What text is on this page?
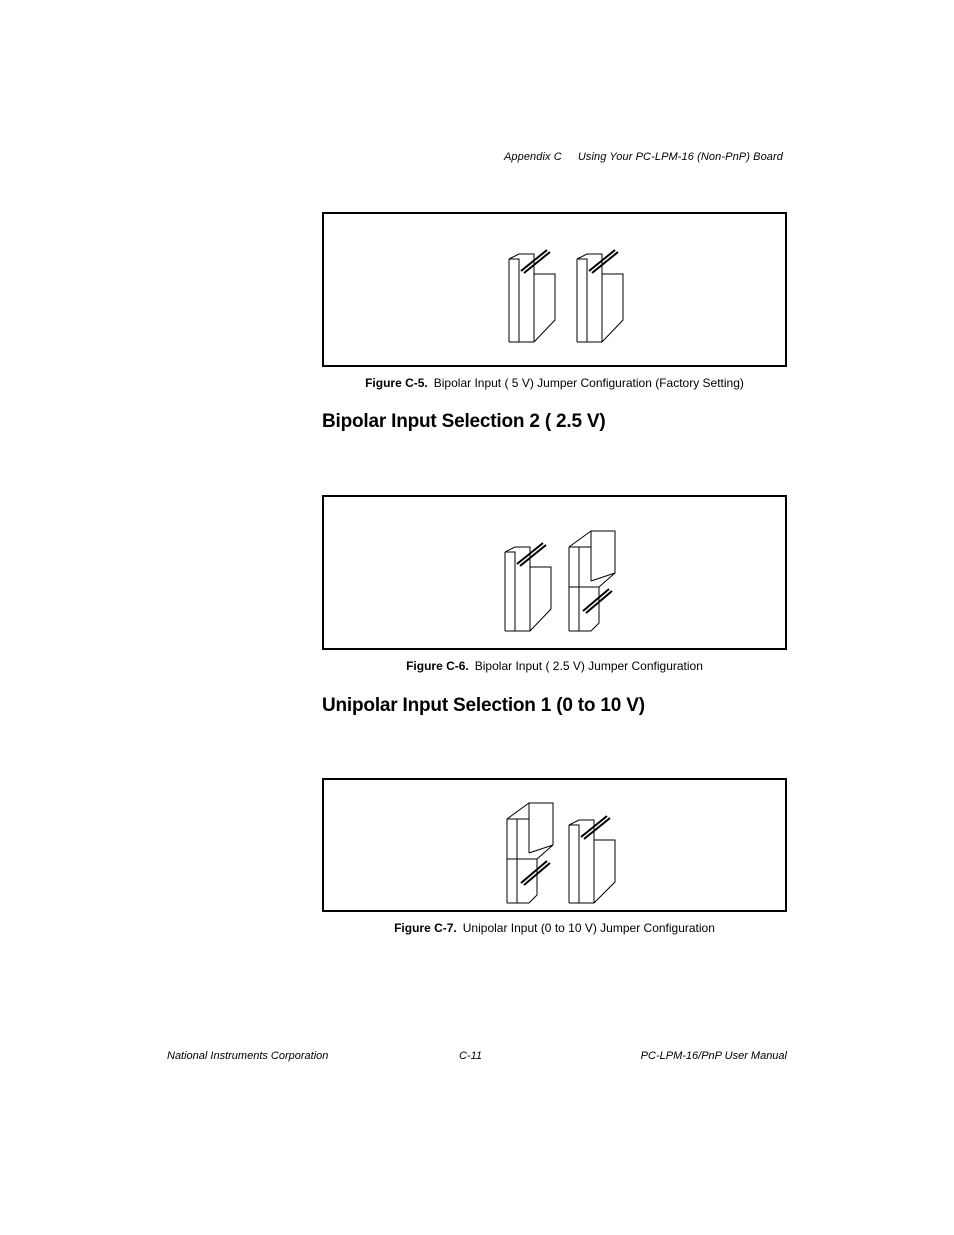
Appendix C Using Your PC-LPM-16 (Non-PnP) Board
Figure C-5. Bipolar Input ( 5 V) Jumper Configuration (Factory Setting)
Bipolar Input Selection 2 ( 2.5 V)
Figure C-6. Bipolar Input ( 2.5 V) Jumper Configuration
Unipolar Input Selection 1 (0 to 10 V)
Figure C-7. Unipolar Input (0 to 10 V) Jumper Configuration
National Instruments Corporation	C-11	PC-LPM-16/PnP User Manual
